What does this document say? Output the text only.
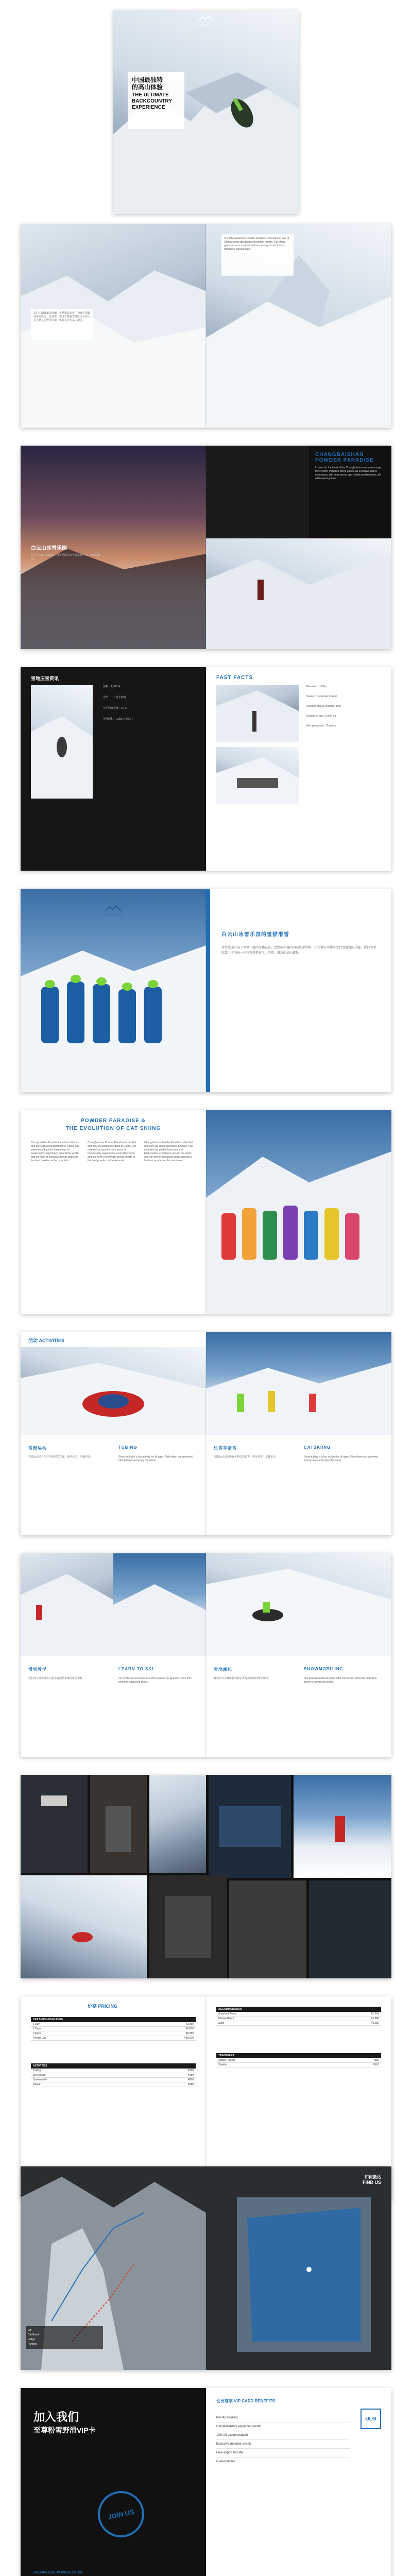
CHANGBAISHAN
中国最独特
的高山体验
THE ULTIMATE
BACKCOUNTRY
EXPERIENCE
长白山山脉雄伟壮丽，冬季银装素裹，拥有中国最纯净的粉雪。在这里，您可以搭乘雪地压雪车深入无人踏足的野雪区域，体验真正的高山滑雪。
The Changbaishan Powder Paradise is located on one of China's most spectacular mountain ranges. Cat skiing gives access to untracked backcountry terrain that is otherwise unreachable.
白云山冰雪乐园
位于长白山山脉腹地，冰雪乐园为宾客提供独一无二的高山体验。
CHANGBAISHAN
POWDER PARADISE
Located in the heart of the Changbaishan mountain range, the Powder Paradise offers guests an exclusive alpine experience with deep snow, open bowls and tree runs, all with expert guides.
雪地压雪资讯
海拔：1,800 米
雪季：十二月至四月
年平均降雪量：10 米
可滑面积：2,000 公顷以上
FAST FACTS
Elevation: 1,800m
Season: December to April
Average annual snowfall: 10m
Skiable terrain: 2,000+ ha
Max group size: 12 guests
CHANGBAISHAN
白云山冰雪乐园的雪猫滑雪
冰雪乐园引进了世界一流的雪猫设备，由经验丰富的国际导游带领，让宾客安全地享受野雪滑雪的乐趣。我们的团队致力于为每一位宾客提供安全、舒适、难忘的高山体验。
POWDER PARADISE &
THE EVOLUTION OF CAT SKIING
Changbaishan Powder Paradise is the first and only cat skiing operation in China. Our experienced guides have years of backcountry experience around the world, and our fleet of snowcats brings guests to the best powder on the mountain.
Changbaishan Powder Paradise is the first and only cat skiing operation in China. Our experienced guides have years of backcountry experience around the world, and our fleet of snowcats brings guests to the best powder on the mountain.
Changbaishan Powder Paradise is the first and only cat skiing operation in China. Our experienced guides have years of backcountry experience around the world, and our fleet of snowcats brings guests to the best powder on the mountain.
活动 ACTIVITIES
雪圈运动
雪圈运动适合所有年龄层的宾客，简单易学，乐趣无穷。
TUBING
Snow tubing is a fun activity for all ages. Ride down our groomed tubing lanes and enjoy the views.
压雪车滑雪
雪圈运动适合所有年龄层的宾客，简单易学，乐趣无穷。
CATSKIING
Snow tubing is a fun activity for all ages. Ride down our groomed tubing lanes and enjoy the views.
滑雪教学
我们的专业教练将为初学者提供系统的滑雪课程。
LEARN TO SKI
Our professional instructors offer lessons for all levels, from first-timers to advanced skiers.
雪地摩托
我们的专业教练将为初学者提供系统的滑雪课程。
SNOWMOBILING
Our professional instructors offer lessons for all levels, from first-timers to advanced skiers.
价格 PRICING
CAT SKIING PACKAGES
1 Day	¥2,980
2 Days	¥5,680
3 Days	¥8,280
Private Cat	¥38,000
ACTIVITIES
Tubing	¥180
Ski Lesson	¥680
Snowmobile	¥880
Rental	¥280
ACCOMMODATION
Standard Room	¥1,280
Deluxe Room	¥1,880
Suite	¥3,280
TRANSFERS
Airport Pick-up	¥380
Shuttle	¥120
Lift
Cat Road
Lodge
Parking
如何抵达
FIND US
加入我们
至尊粉雪野滑VIP卡
JOIN US
DAJIAN.CBS-POWDER.COM
会员尊享 VIP CARD BENEFITS
Priority booking
Complimentary equipment rental
10% off accommodation
Exclusive member events
Free airport transfer
Guest passes
ULG
